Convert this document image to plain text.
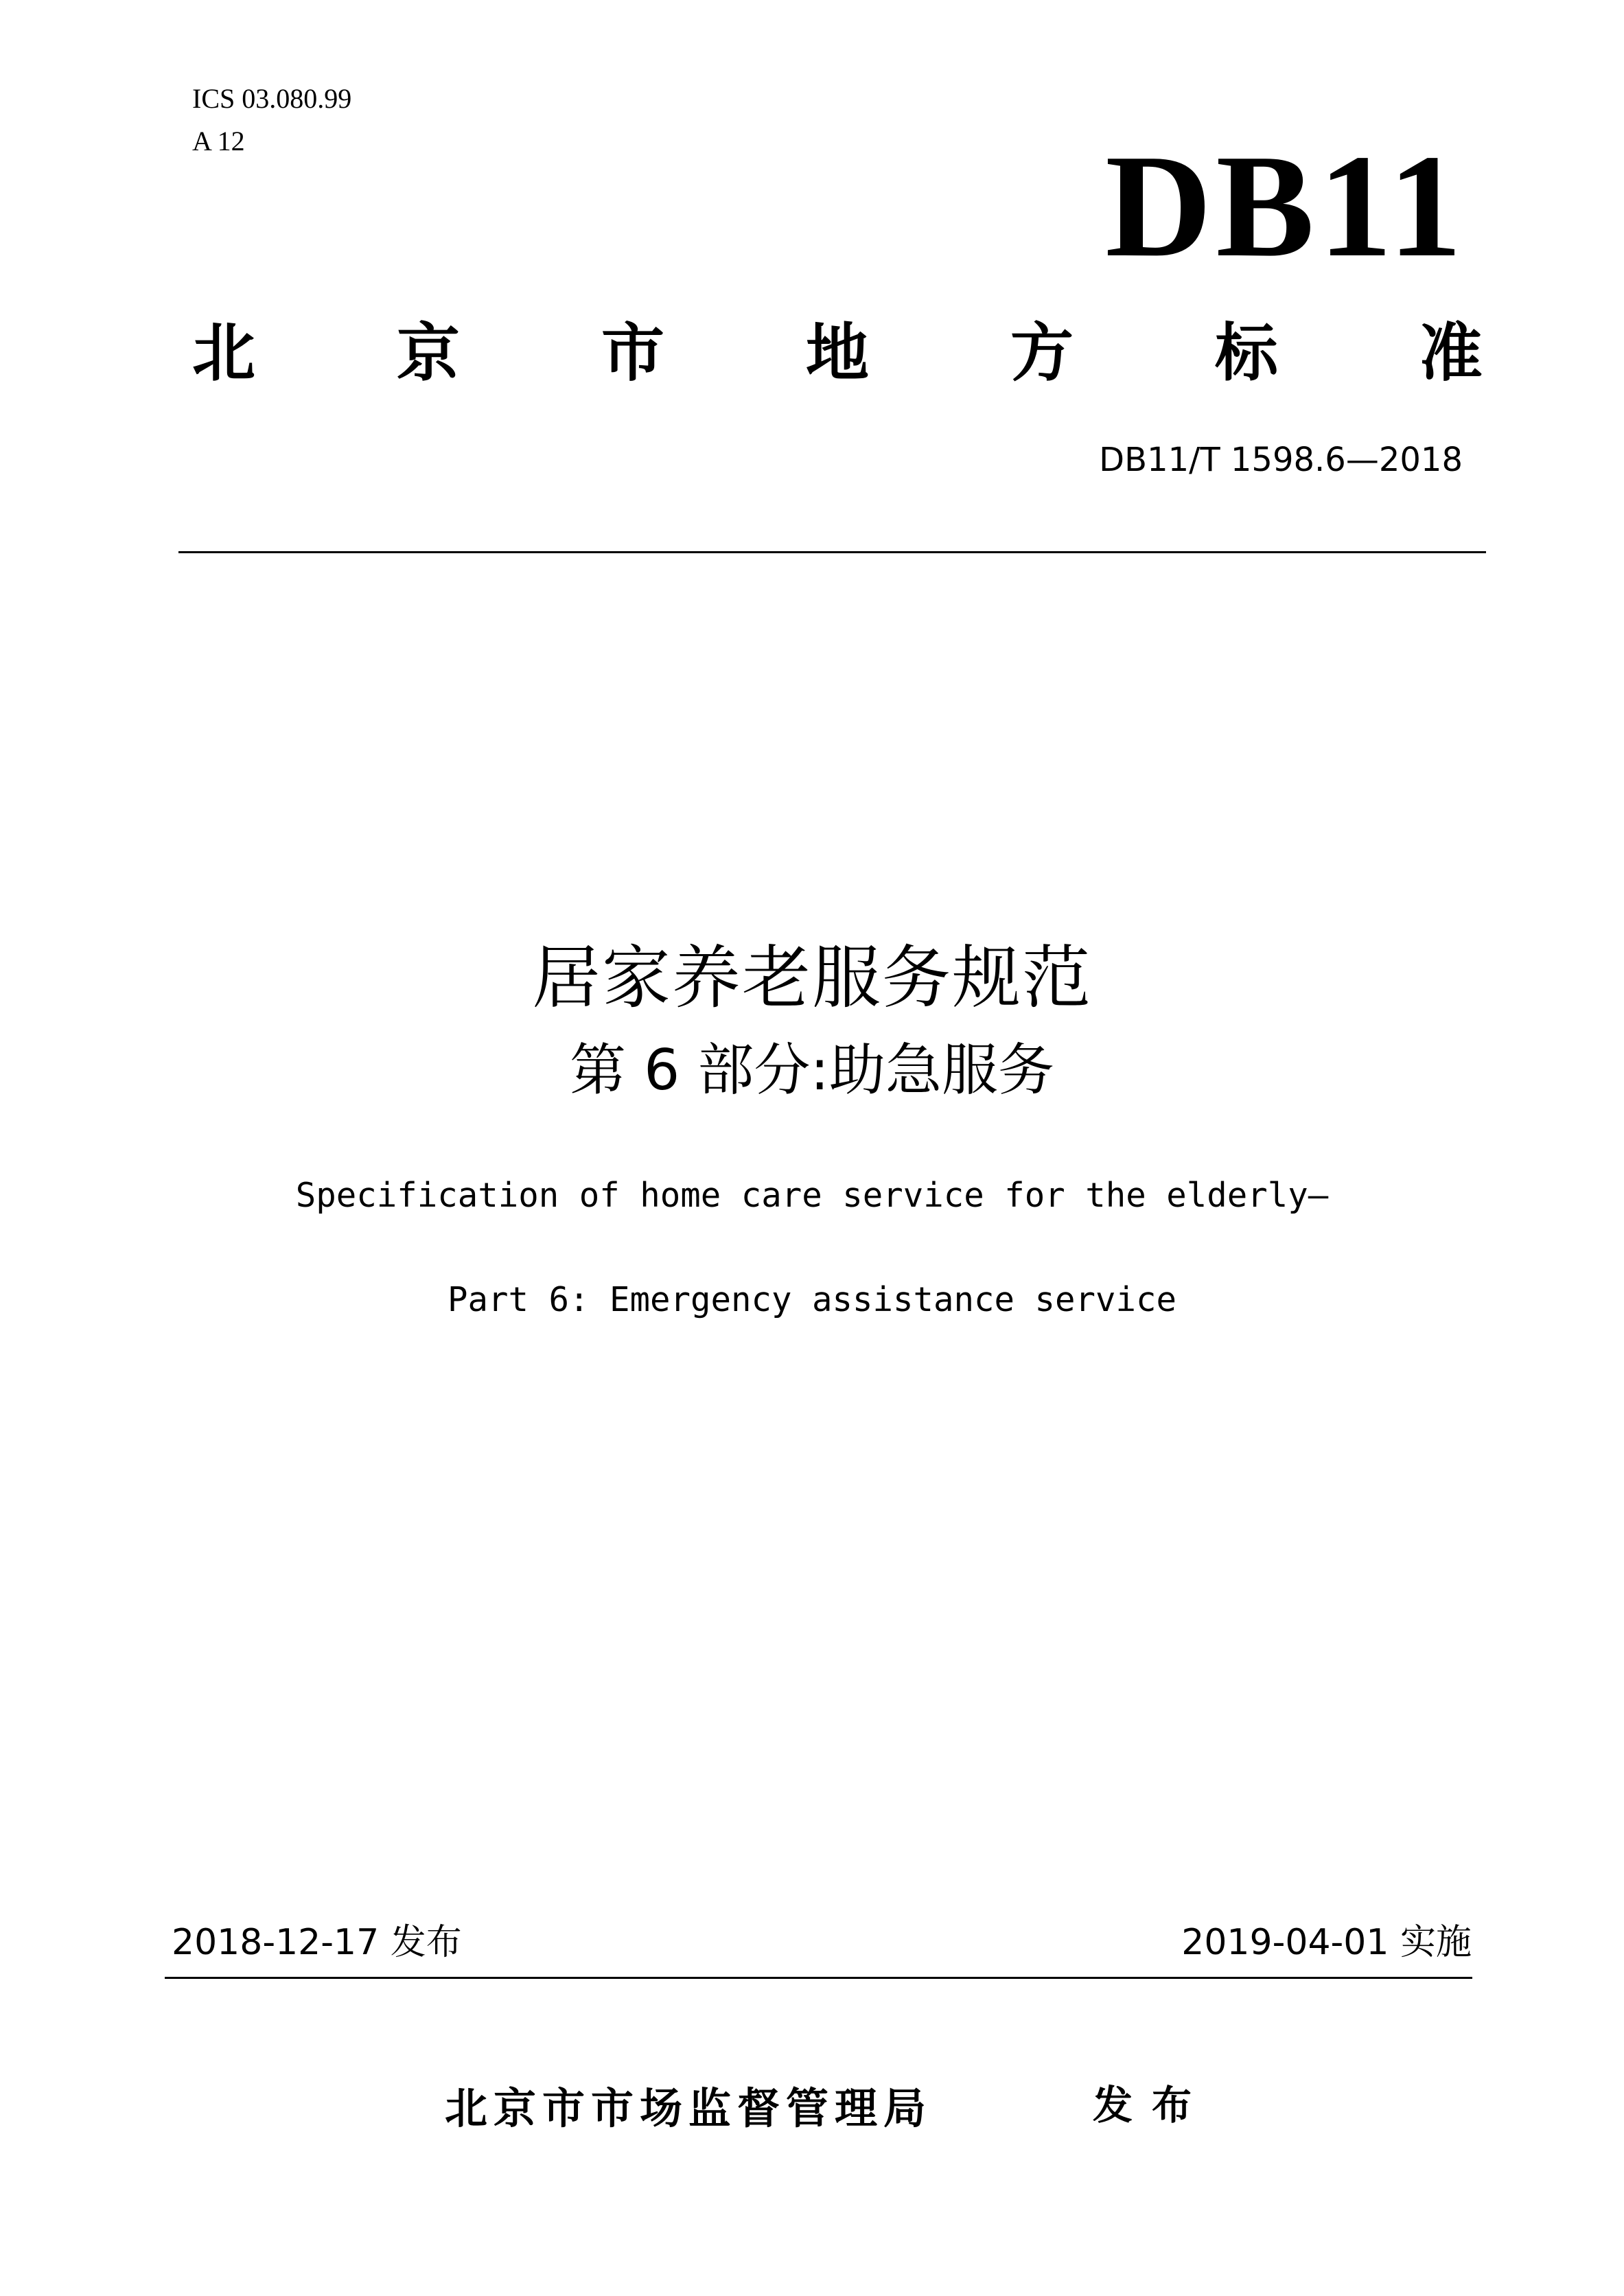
ICS 03.080.99

A 12	DB11

北 京 市 地 方 标 准

DB11/T 1598.6—2018

居家养老服务规范

第 6 部分:助急服务

Specification of home care service for the elderly—

Part 6: Emergency assistance service

2018-12-17 发布	2019-04-01 实施

北京市市场监督管理局	发布
